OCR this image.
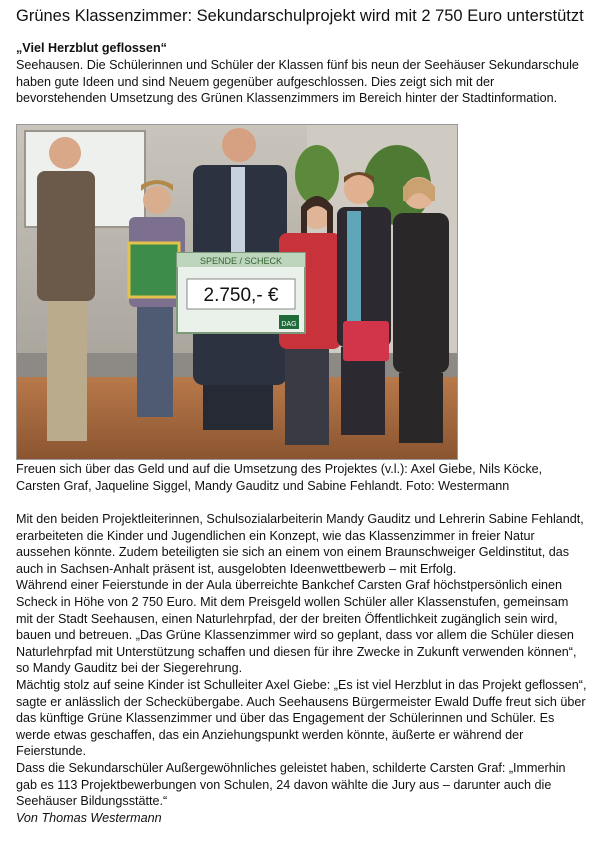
Grünes Klassenzimmer: Sekundarschulprojekt wird mit 2 750 Euro unterstützt
„Viel Herzblut geflossen“
Seehausen. Die Schülerinnen und Schüler der Klassen fünf bis neun der Seehäuser Sekundarschule haben gute Ideen und sind Neuem gegenüber aufgeschlossen. Dies zeigt sich mit der bevorstehenden Umsetzung des Grünen Klassenzimmers im Bereich hinter der Stadtinformation.
SPENDE / SCHECK
2.750,- €
DAG
Freuen sich über das Geld und auf die Umsetzung des Projektes (v.l.): Axel Giebe, Nils Köcke, Carsten Graf, Jaqueline Siggel, Mandy Gauditz und Sabine Fehlandt. Foto: Westermann

Mit den beiden Projektleiterinnen, Schulsozialarbeiterin Mandy Gauditz und Lehrerin Sabine Fehlandt, erarbeiteten die Kinder und Jugendlichen ein Konzept, wie das Klassenzimmer in freier Natur aussehen könnte. Zudem beteiligten sie sich an einem von einem Braunschweiger Geldinstitut, das auch in Sachsen-Anhalt präsent ist, ausgelobten Ideenwettbewerb – mit Erfolg.

Während einer Feierstunde in der Aula überreichte Bankchef Carsten Graf höchstpersönlich einen Scheck in Höhe von 2 750 Euro. Mit dem Preisgeld wollen Schüler aller Klassenstufen, gemeinsam mit der Stadt Seehausen, einen Naturlehrpfad, der der breiten Öffentlichkeit zugänglich sein wird, bauen und betreuen. „Das Grüne Klassenzimmer wird so geplant, dass vor allem die Schüler diesen Naturlehrpfad mit Unterstützung schaffen und diesen für ihre Zwecke in Zukunft verwenden können“, so Mandy Gauditz bei der Siegerehrung.

Mächtig stolz auf seine Kinder ist Schulleiter Axel Giebe: „Es ist viel Herzblut in das Projekt geflossen“, sagte er anlässlich der Scheckübergabe. Auch Seehausens Bürgermeister Ewald Duffe freut sich über das künftige Grüne Klassenzimmer und über das Engagement der Schülerinnen und Schüler. Es werde etwas geschaffen, das ein Anziehungspunkt werden könnte, äußerte er während der Feierstunde.

Dass die Sekundarschüler Außergewöhnliches geleistet haben, schilderte Carsten Graf: „Immerhin gab es 113 Projektbewerbungen von Schulen, 24 davon wählte die Jury aus – darunter auch die Seehäuser Bildungsstätte.“

Von Thomas Westermann
